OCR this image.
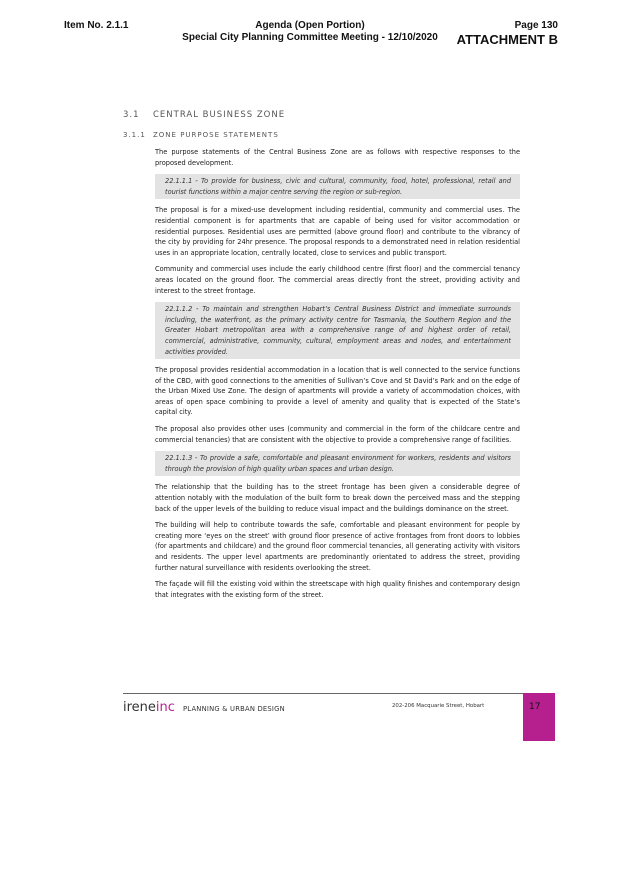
Item No. 2.1.1	Agenda (Open Portion)
Special City Planning Committee Meeting - 12/10/2020
Page 130
ATTACHMENT B
3.1 CENTRAL BUSINESS ZONE
3.1.1 ZONE PURPOSE STATEMENTS

The purpose statements of the Central Business Zone are as follows with respective responses to the proposed development.

22.1.1.1 - To provide for business, civic and cultural, community, food, hotel, professional, retail and tourist functions within a major centre serving the region or sub-region.

The proposal is for a mixed-use development including residential, community and commercial uses. The residential component is for apartments that are capable of being used for visitor accommodation or residential purposes. Residential uses are permitted (above ground floor) and contribute to the vibrancy of the city by providing for 24hr presence. The proposal responds to a demonstrated need in relation residential uses in an appropriate location, centrally located, close to services and public transport.

Community and commercial uses include the early childhood centre (first floor) and the commercial tenancy areas located on the ground floor. The commercial areas directly front the street, providing activity and interest to the street frontage.

22.1.1.2 - To maintain and strengthen Hobart’s Central Business District and immediate surrounds including, the waterfront, as the primary activity centre for Tasmania, the Southern Region and the Greater Hobart metropolitan area with a comprehensive range of and highest order of retail, commercial, administrative, community, cultural, employment areas and nodes, and entertainment activities provided.

The proposal provides residential accommodation in a location that is well connected to the service functions of the CBD, with good connections to the amenities of Sullivan’s Cove and St David’s Park and on the edge of the Urban Mixed Use Zone. The design of apartments will provide a variety of accommodation choices, with areas of open space combining to provide a level of amenity and quality that is expected of the State’s capital city.

The proposal also provides other uses (community and commercial in the form of the childcare centre and commercial tenancies) that are consistent with the objective to provide a comprehensive range of facilities.

22.1.1.3 - To provide a safe, comfortable and pleasant environment for workers, residents and visitors through the provision of high quality urban spaces and urban design.

The relationship that the building has to the street frontage has been given a considerable degree of attention notably with the modulation of the built form to break down the perceived mass and the stepping back of the upper levels of the building to reduce visual impact and the buildings dominance on the street.

The building will help to contribute towards the safe, comfortable and pleasant environment for people by creating more ‘eyes on the street’ with ground floor presence of active frontages from front doors to lobbies (for apartments and childcare) and the ground floor commercial tenancies, all generating activity with visitors and residents. The upper level apartments are predominantly orientated to address the street, providing further natural surveillance with residents overlooking the street.

The façade will fill the existing void within the streetscape with high quality finishes and contemporary design that integrates with the existing form of the street.

ireneinc PLANNING & URBAN DESIGN	202-206 Macquarie Street, Hobart	17
